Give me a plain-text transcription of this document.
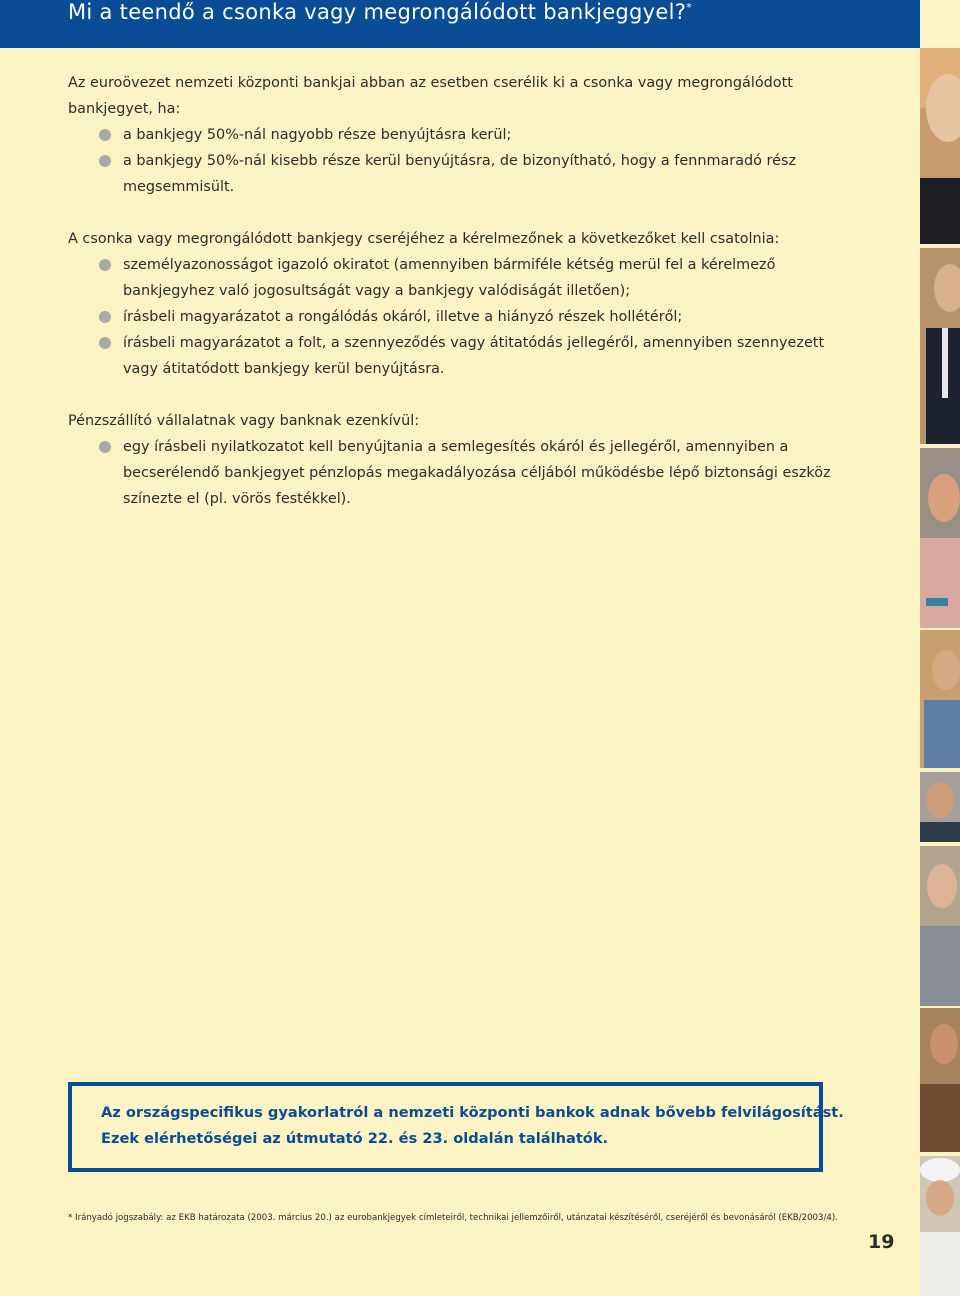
Mi a teendő a csonka vagy megrongálódott bankjeggyel?*

Az euroövezet nemzeti központi bankjai abban az esetben cserélik ki a csonka vagy megrongálódott bankjegyet, ha:

a bankjegy 50%-nál nagyobb része benyújtásra kerül;
a bankjegy 50%-nál kisebb része kerül benyújtásra, de bizonyítható, hogy a fennmaradó rész megsemmisült.

A csonka vagy megrongálódott bankjegy cseréjéhez a kérelmezőnek a következőket kell csatolnia:

személyazonosságot igazoló okiratot (amennyiben bármiféle kétség merül fel a kérelmező bankjegyhez való jogosultságát vagy a bankjegy valódiságát illetően);
írásbeli magyarázatot a rongálódás okáról, illetve a hiányzó részek hollétéről;
írásbeli magyarázatot a folt, a szennyeződés vagy átitatódás jellegéről, amennyiben szennyezett vagy átitatódott bankjegy kerül benyújtásra.

Pénzszállító vállalatnak vagy banknak ezenkívül:

egy írásbeli nyilatkozatot kell benyújtania a semlegesítés okáról és jellegéről, amennyiben a becserélendő bankjegyet pénzlopás megakadályozása céljából működésbe lépő biztonsági eszköz színezte el (pl. vörös festékkel).
Az országspecifikus gyakorlatról a nemzeti központi bankok adnak bővebb felvilágosítást.
Ezek elérhetőségei az útmutató 22. és 23. oldalán találhatók.
* Irányadó jogszabály: az EKB határozata (2003. március 20.) az eurobankjegyek címleteiről, technikai jellemzőiről, utánzatai készítéséről, cseréjéről és bevonásáról (EKB/2003/4).
19
